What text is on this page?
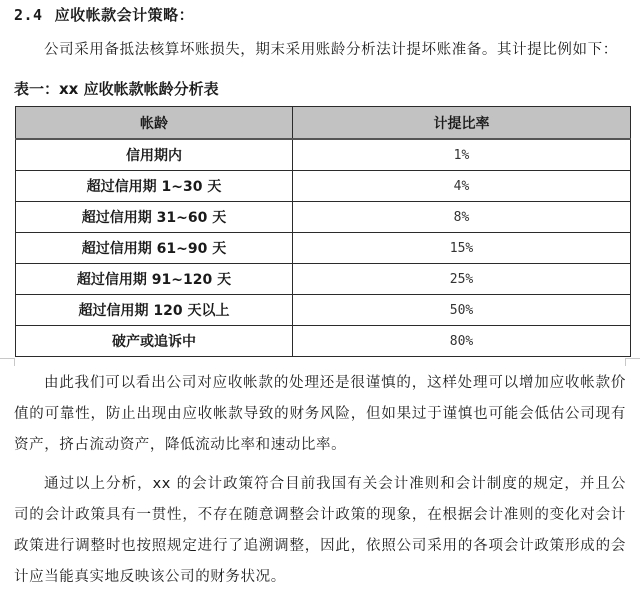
2.4 应收帐款会计策略：
公司采用备抵法核算坏账损失，期末采用账龄分析法计提坏账准备。其计提比例如下：
表一：xx 应收帐款帐龄分析表
帐龄	计提比率
信用期内	1%
超过信用期 1~30 天	4%
超过信用期 31~60 天	8%
超过信用期 61~90 天	15%
超过信用期 91~120 天	25%
超过信用期 120 天以上	50%
破产或追诉中	80%
由此我们可以看出公司对应收帐款的处理还是很谨慎的，这样处理可以增加应收帐款价值的可靠性，防止出现由应收帐款导致的财务风险，但如果过于谨慎也可能会低估公司现有资产，挤占流动资产，降低流动比率和速动比率。
通过以上分析，xx 的会计政策符合目前我国有关会计准则和会计制度的规定，并且公司的会计政策具有一贯性，不存在随意调整会计政策的现象，在根据会计准则的变化对会计政策进行调整时也按照规定进行了追溯调整，因此，依照公司采用的各项会计政策形成的会计应当能真实地反映该公司的财务状况。
